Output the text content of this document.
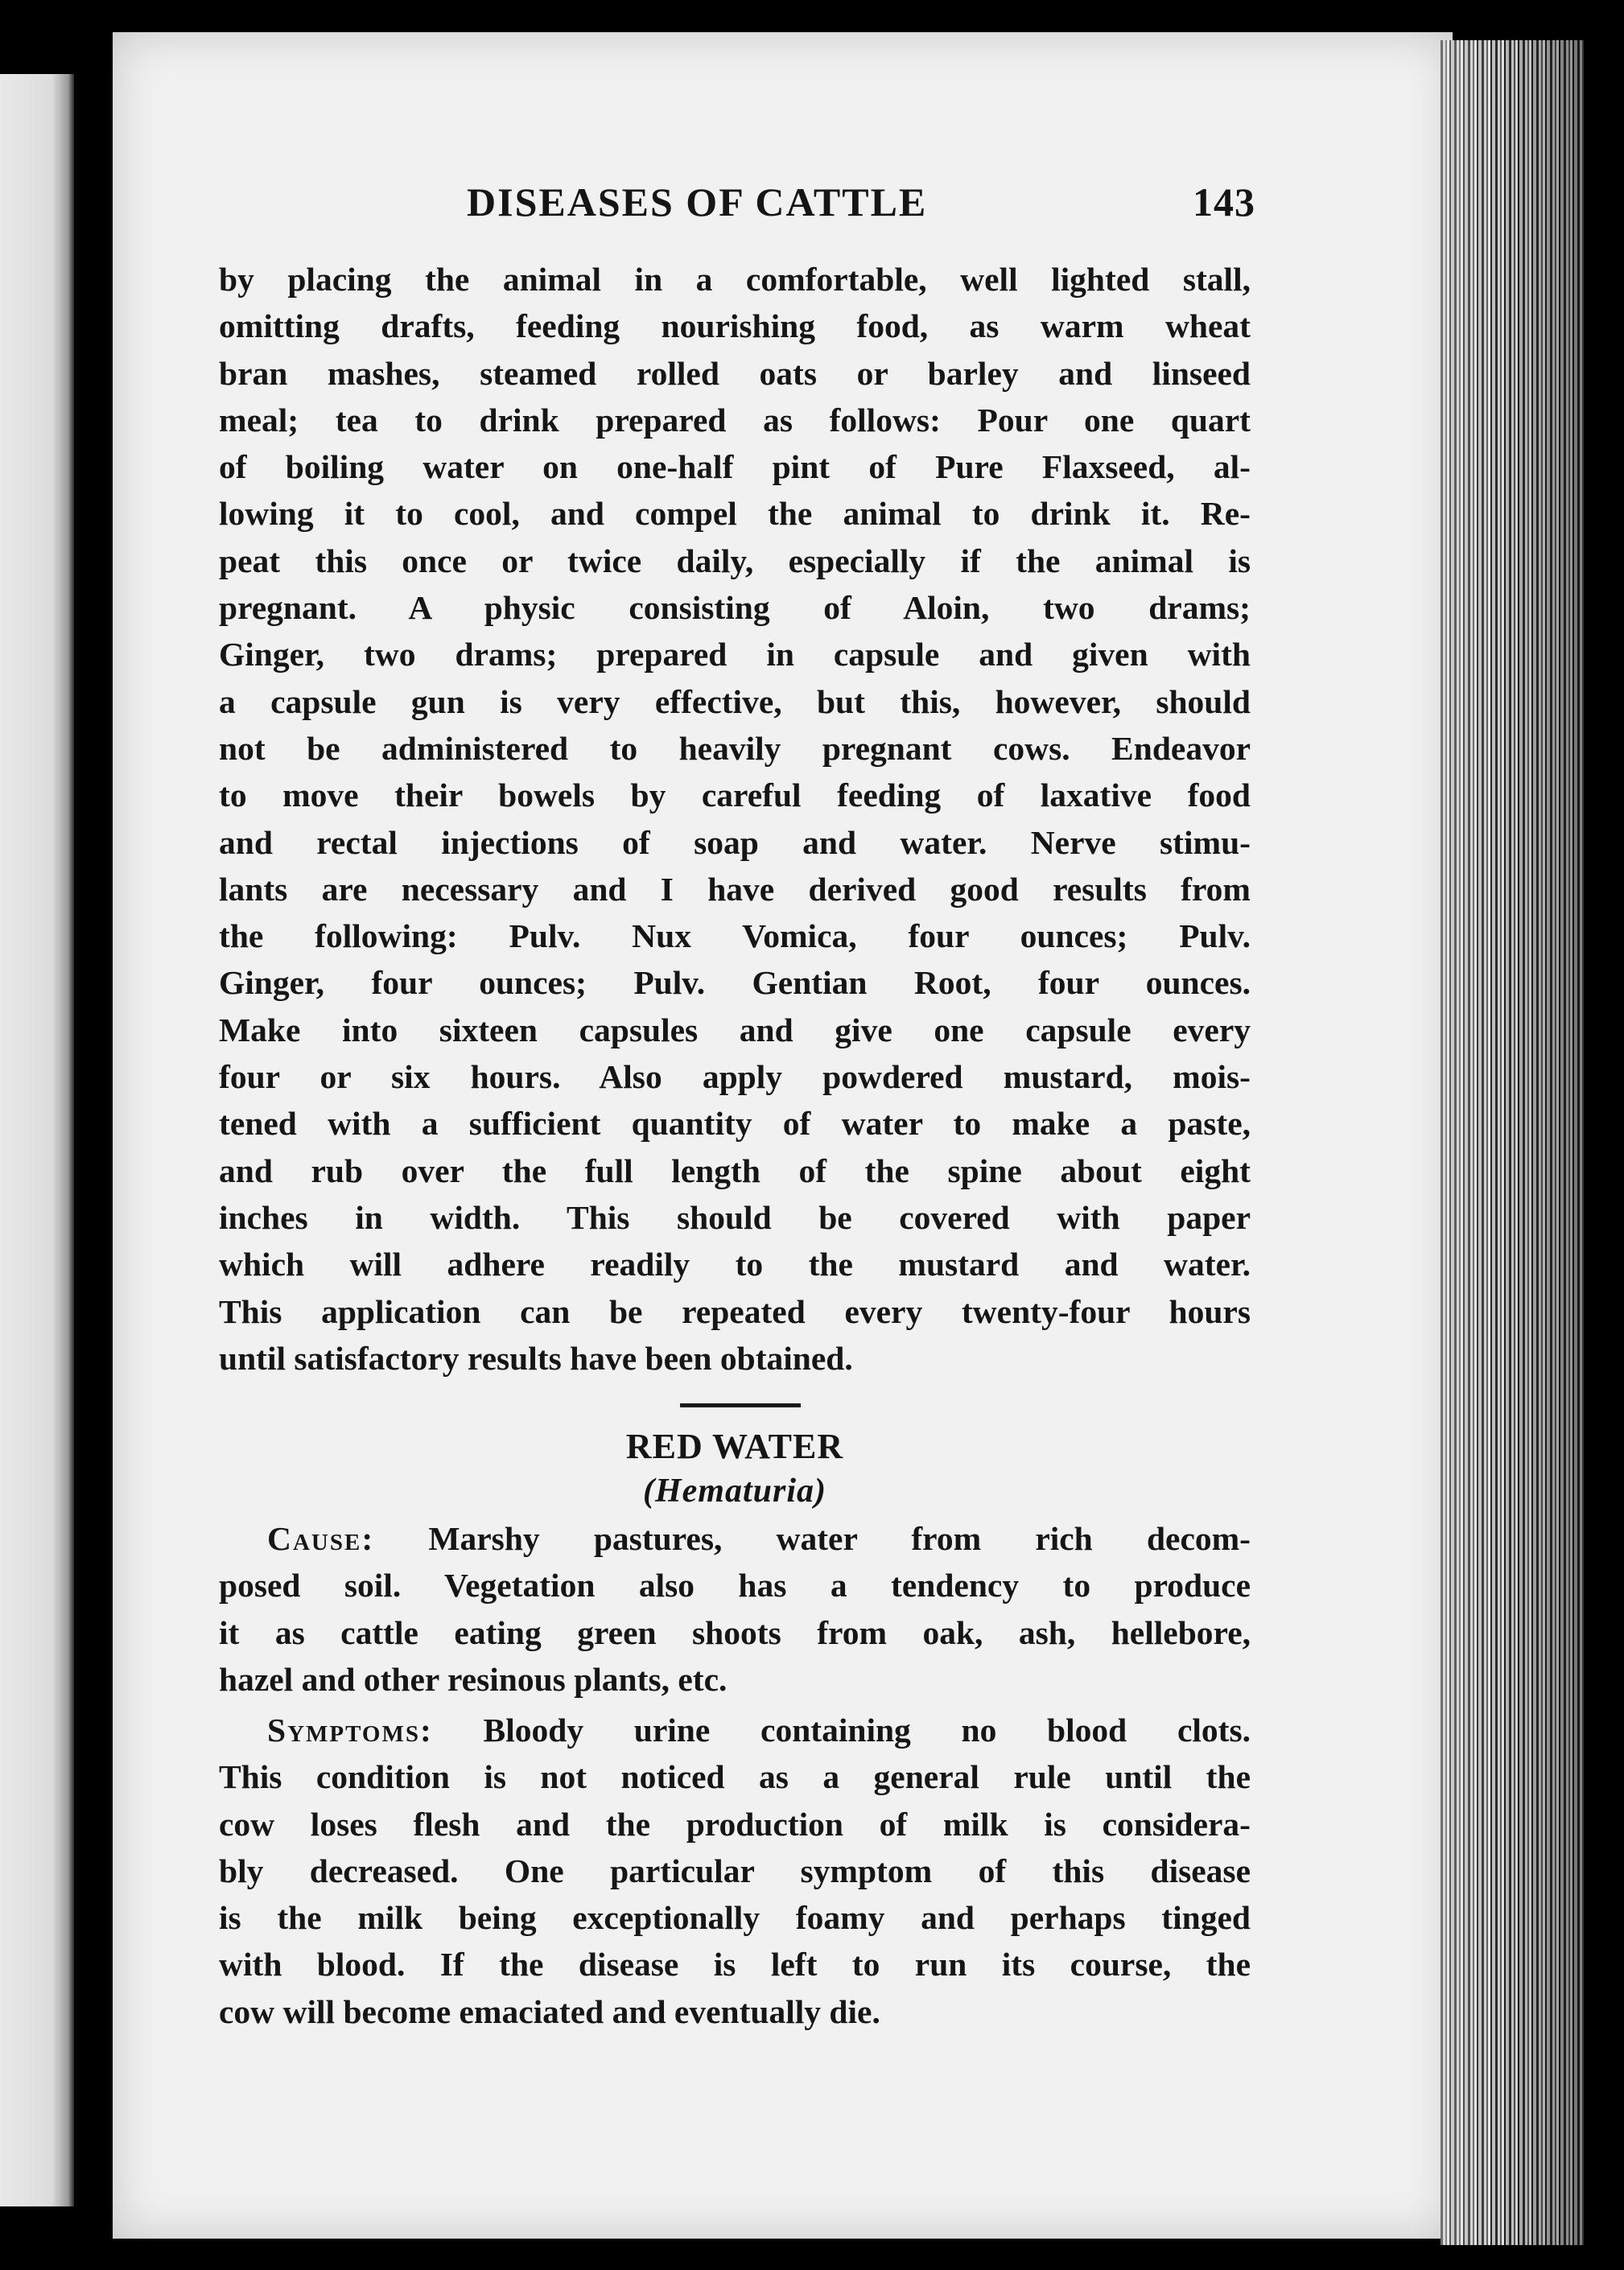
DISEASES OF CATTLE	143
by placing the animal in a comfortable, well lighted stall,
omitting drafts, feeding nourishing food, as warm wheat
bran mashes, steamed rolled oats or barley and linseed
meal; tea to drink prepared as follows: Pour one quart
of boiling water on one-half pint of Pure Flaxseed, al-
lowing it to cool, and compel the animal to drink it. Re-
peat this once or twice daily, especially if the animal is
pregnant. A physic consisting of Aloin, two drams;
Ginger, two drams; prepared in capsule and given with
a capsule gun is very effective, but this, however, should
not be administered to heavily pregnant cows. Endeavor
to move their bowels by careful feeding of laxative food
and rectal injections of soap and water. Nerve stimu-
lants are necessary and I have derived good results from
the following: Pulv. Nux Vomica, four ounces; Pulv.
Ginger, four ounces; Pulv. Gentian Root, four ounces.
Make into sixteen capsules and give one capsule every
four or six hours. Also apply powdered mustard, mois-
tened with a sufficient quantity of water to make a paste,
and rub over the full length of the spine about eight
inches in width. This should be covered with paper
which will adhere readily to the mustard and water.
This application can be repeated every twenty-four hours
until satisfactory results have been obtained.
RED WATER
(Hematuria)
Cause: Marshy pastures, water from rich decom-
posed soil. Vegetation also has a tendency to produce
it as cattle eating green shoots from oak, ash, hellebore,
hazel and other resinous plants, etc.
Symptoms: Bloody urine containing no blood clots.
This condition is not noticed as a general rule until the
cow loses flesh and the production of milk is considera-
bly decreased. One particular symptom of this disease
is the milk being exceptionally foamy and perhaps tinged
with blood. If the disease is left to run its course, the
cow will become emaciated and eventually die.
